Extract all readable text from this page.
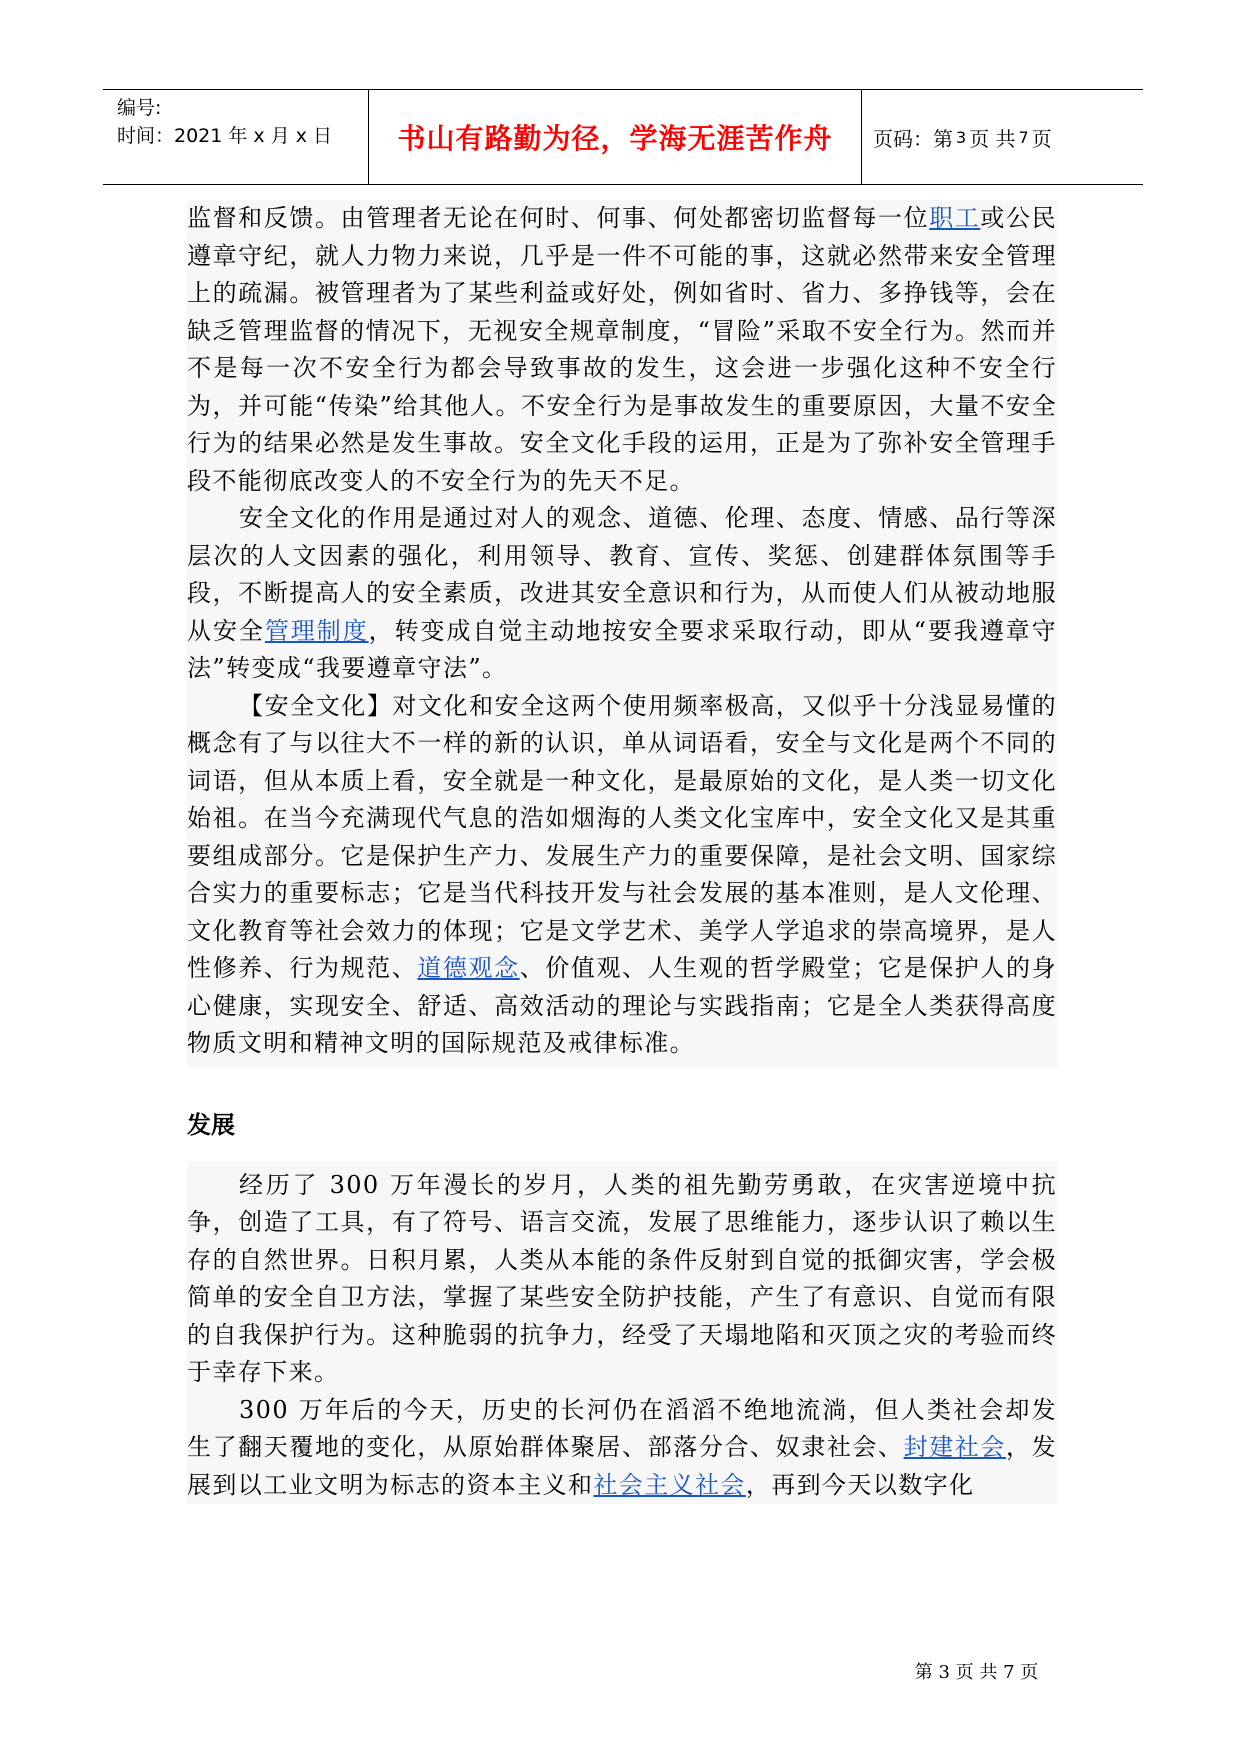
编号:
时间：2021 年 x 月 x 日	书山有路勤为径，学海无涯苦作舟	页码：第 3 页 共 7 页

监督和反馈。由管理者无论在何时、何事、何处都密切监督每一位职工或公民遵章守纪，就人力物力来说，几乎是一件不可能的事，这就必然带来安全管理上的疏漏。被管理者为了某些利益或好处，例如省时、省力、多挣钱等，会在缺乏管理监督的情况下，无视安全规章制度，“冒险”采取不安全行为。然而并不是每一次不安全行为都会导致事故的发生，这会进一步强化这种不安全行为，并可能“传染”给其他人。不安全行为是事故发生的重要原因，大量不安全行为的结果必然是发生事故。安全文化手段的运用，正是为了弥补安全管理手段不能彻底改变人的不安全行为的先天不足。

安全文化的作用是通过对人的观念、道德、伦理、态度、情感、品行等深层次的人文因素的强化，利用领导、教育、宣传、奖惩、创建群体氛围等手段，不断提高人的安全素质，改进其安全意识和行为，从而使人们从被动地服从安全管理制度，转变成自觉主动地按安全要求采取行动，即从“要我遵章守法”转变成“我要遵章守法”。

【安全文化】对文化和安全这两个使用频率极高，又似乎十分浅显易懂的概念有了与以往大不一样的新的认识，单从词语看，安全与文化是两个不同的词语，但从本质上看，安全就是一种文化，是最原始的文化，是人类一切文化始祖。在当今充满现代气息的浩如烟海的人类文化宝库中，安全文化又是其重要组成部分。它是保护生产力、发展生产力的重要保障，是社会文明、国家综合实力的重要标志；它是当代科技开发与社会发展的基本准则，是人文伦理、文化教育等社会效力的体现；它是文学艺术、美学人学追求的崇高境界，是人性修养、行为规范、道德观念、价值观、人生观的哲学殿堂；它是保护人的身心健康，实现安全、舒适、高效活动的理论与实践指南；它是全人类获得高度物质文明和精神文明的国际规范及戒律标准。

发展

经历了 300 万年漫长的岁月，人类的祖先勤劳勇敢，在灾害逆境中抗争，创造了工具，有了符号、语言交流，发展了思维能力，逐步认识了赖以生存的自然世界。日积月累，人类从本能的条件反射到自觉的抵御灾害，学会极简单的安全自卫方法，掌握了某些安全防护技能，产生了有意识、自觉而有限的自我保护行为。这种脆弱的抗争力，经受了天塌地陷和灭顶之灾的考验而终于幸存下来。

300 万年后的今天，历史的长河仍在滔滔不绝地流淌，但人类社会却发生了翻天覆地的变化，从原始群体聚居、部落分合、奴隶社会、封建社会，发展到以工业文明为标志的资本主义和社会主义社会，再到今天以数字化

第 3 页 共 7 页
